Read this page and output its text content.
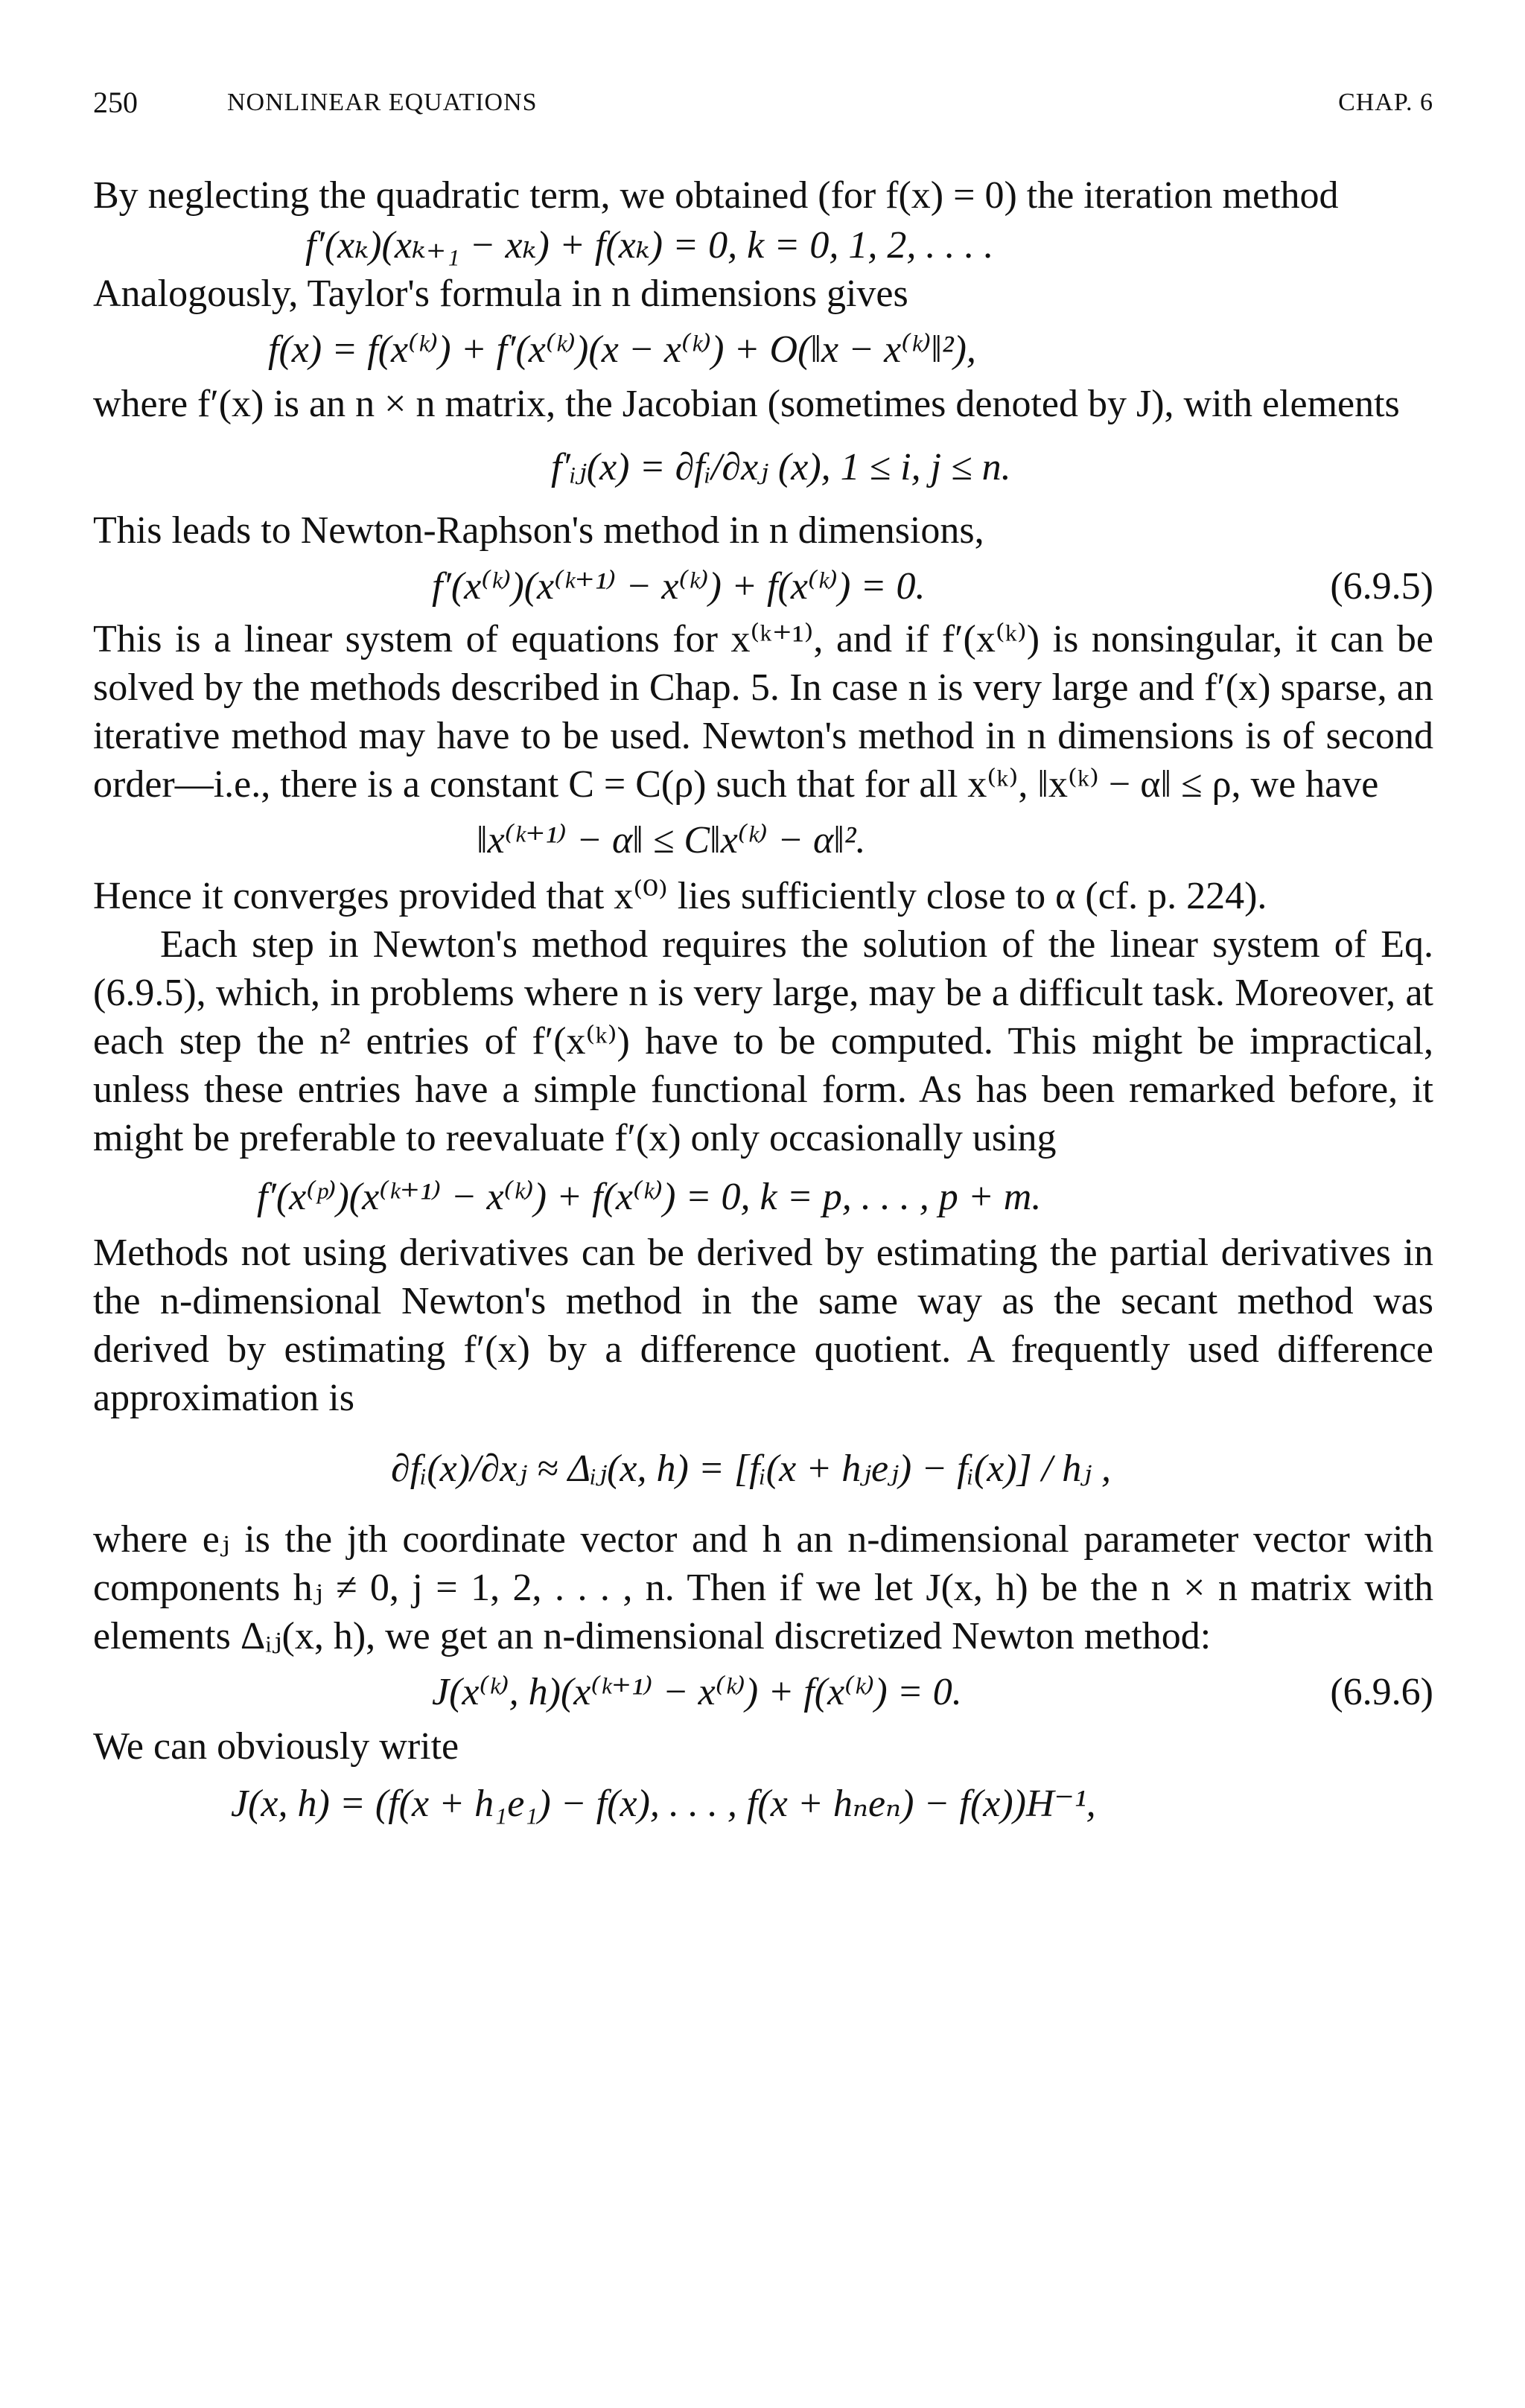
250	NONLINEAR EQUATIONS	CHAP. 6

By neglecting the quadratic term, we obtained (for f(x) = 0) the iteration method

f′(xₖ)(xₖ₊₁ − xₖ) + f(xₖ) = 0, k = 0, 1, 2, . . . .

Analogously, Taylor's formula in n dimensions gives

f(x) = f(x⁽ᵏ⁾) + f′(x⁽ᵏ⁾)(x − x⁽ᵏ⁾) + O(‖x − x⁽ᵏ⁾‖²),

where f′(x) is an n × n matrix, the Jacobian (sometimes denoted by J), with elements

f′ᵢⱼ(x) = ∂fᵢ/∂xⱼ (x), 1 ≤ i, j ≤ n.

This leads to Newton-Raphson's method in n dimensions,

f′(x⁽ᵏ⁾)(x⁽ᵏ⁺¹⁾ − x⁽ᵏ⁾) + f(x⁽ᵏ⁾) = 0.	(6.9.5)

This is a linear system of equations for x⁽ᵏ⁺¹⁾, and if f′(x⁽ᵏ⁾) is nonsingular, it can be solved by the methods described in Chap. 5. In case n is very large and f′(x) sparse, an iterative method may have to be used. Newton's method in n dimensions is of second order—i.e., there is a constant C = C(ρ) such that for all x⁽ᵏ⁾, ‖x⁽ᵏ⁾ − α‖ ≤ ρ, we have

‖x⁽ᵏ⁺¹⁾ − α‖ ≤ C‖x⁽ᵏ⁾ − α‖².

Hence it converges provided that x⁽⁰⁾ lies sufficiently close to α (cf. p. 224).

Each step in Newton's method requires the solution of the linear system of Eq. (6.9.5), which, in problems where n is very large, may be a difficult task. Moreover, at each step the n² entries of f′(x⁽ᵏ⁾) have to be computed. This might be impractical, unless these entries have a simple functional form. As has been remarked before, it might be preferable to reevaluate f′(x) only occasionally using

f′(x⁽ᵖ⁾)(x⁽ᵏ⁺¹⁾ − x⁽ᵏ⁾) + f(x⁽ᵏ⁾) = 0, k = p, . . . , p + m.

Methods not using derivatives can be derived by estimating the partial derivatives in the n-dimensional Newton's method in the same way as the secant method was derived by estimating f′(x) by a difference quotient. A frequently used difference approximation is

∂fᵢ(x)/∂xⱼ ≈ Δᵢⱼ(x, h) = [fᵢ(x + hⱼeⱼ) − fᵢ(x)] / hⱼ ,

where eⱼ is the jth coordinate vector and h an n-dimensional parameter vector with components hⱼ ≠ 0, j = 1, 2, . . . , n. Then if we let J(x, h) be the n × n matrix with elements Δᵢⱼ(x, h), we get an n-dimensional discretized Newton method:

J(x⁽ᵏ⁾, h)(x⁽ᵏ⁺¹⁾ − x⁽ᵏ⁾) + f(x⁽ᵏ⁾) = 0.	(6.9.6)

We can obviously write

J(x, h) = (f(x + h₁e₁) − f(x), . . . , f(x + hₙeₙ) − f(x))H⁻¹,
